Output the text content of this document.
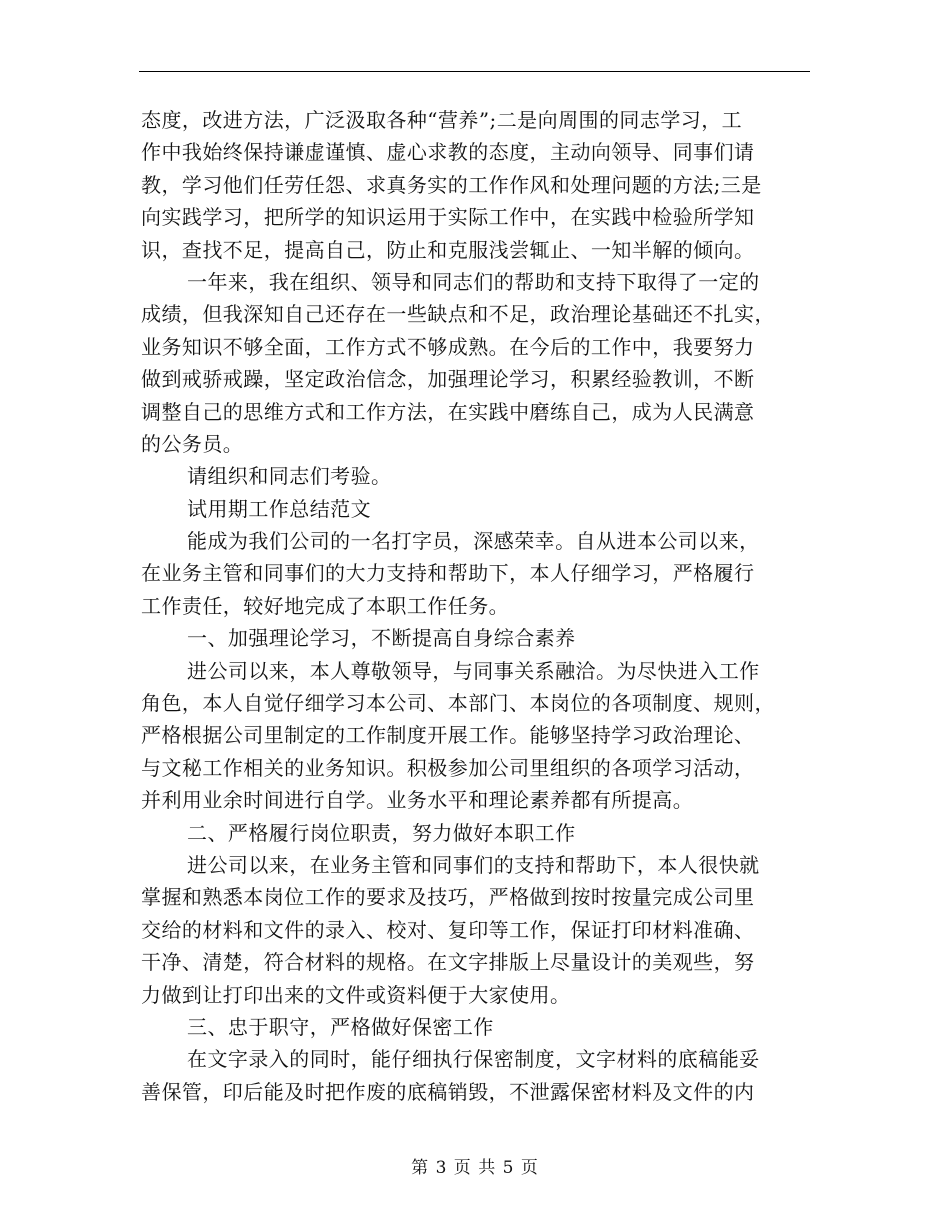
态度，改进方法，广泛汲取各种“营养”;二是向周围的同志学习，工
作中我始终保持谦虚谨慎、虚心求教的态度，主动向领导、同事们请
教，学习他们任劳任怨、求真务实的工作作风和处理问题的方法;三是
向实践学习，把所学的知识运用于实际工作中，在实践中检验所学知
识，查找不足，提高自己，防止和克服浅尝辄止、一知半解的倾向。
一年来，我在组织、领导和同志们的帮助和支持下取得了一定的
成绩，但我深知自己还存在一些缺点和不足，政治理论基础还不扎实，
业务知识不够全面，工作方式不够成熟。在今后的工作中，我要努力
做到戒骄戒躁，坚定政治信念，加强理论学习，积累经验教训，不断
调整自己的思维方式和工作方法，在实践中磨练自己，成为人民满意
的公务员。
请组织和同志们考验。
试用期工作总结范文
能成为我们公司的一名打字员，深感荣幸。自从进本公司以来，
在业务主管和同事们的大力支持和帮助下，本人仔细学习，严格履行
工作责任，较好地完成了本职工作任务。
一、加强理论学习，不断提高自身综合素养
进公司以来，本人尊敬领导，与同事关系融洽。为尽快进入工作
角色，本人自觉仔细学习本公司、本部门、本岗位的各项制度、规则，
严格根据公司里制定的工作制度开展工作。能够坚持学习政治理论、
与文秘工作相关的业务知识。积极参加公司里组织的各项学习活动，
并利用业余时间进行自学。业务水平和理论素养都有所提高。
二、严格履行岗位职责，努力做好本职工作
进公司以来，在业务主管和同事们的支持和帮助下，本人很快就
掌握和熟悉本岗位工作的要求及技巧，严格做到按时按量完成公司里
交给的材料和文件的录入、校对、复印等工作，保证打印材料准确、
干净、清楚，符合材料的规格。在文字排版上尽量设计的美观些，努
力做到让打印出来的文件或资料便于大家使用。
三、忠于职守，严格做好保密工作
在文字录入的同时，能仔细执行保密制度，文字材料的底稿能妥
善保管，印后能及时把作废的底稿销毁，不泄露保密材料及文件的内
第 3 页 共 5 页
